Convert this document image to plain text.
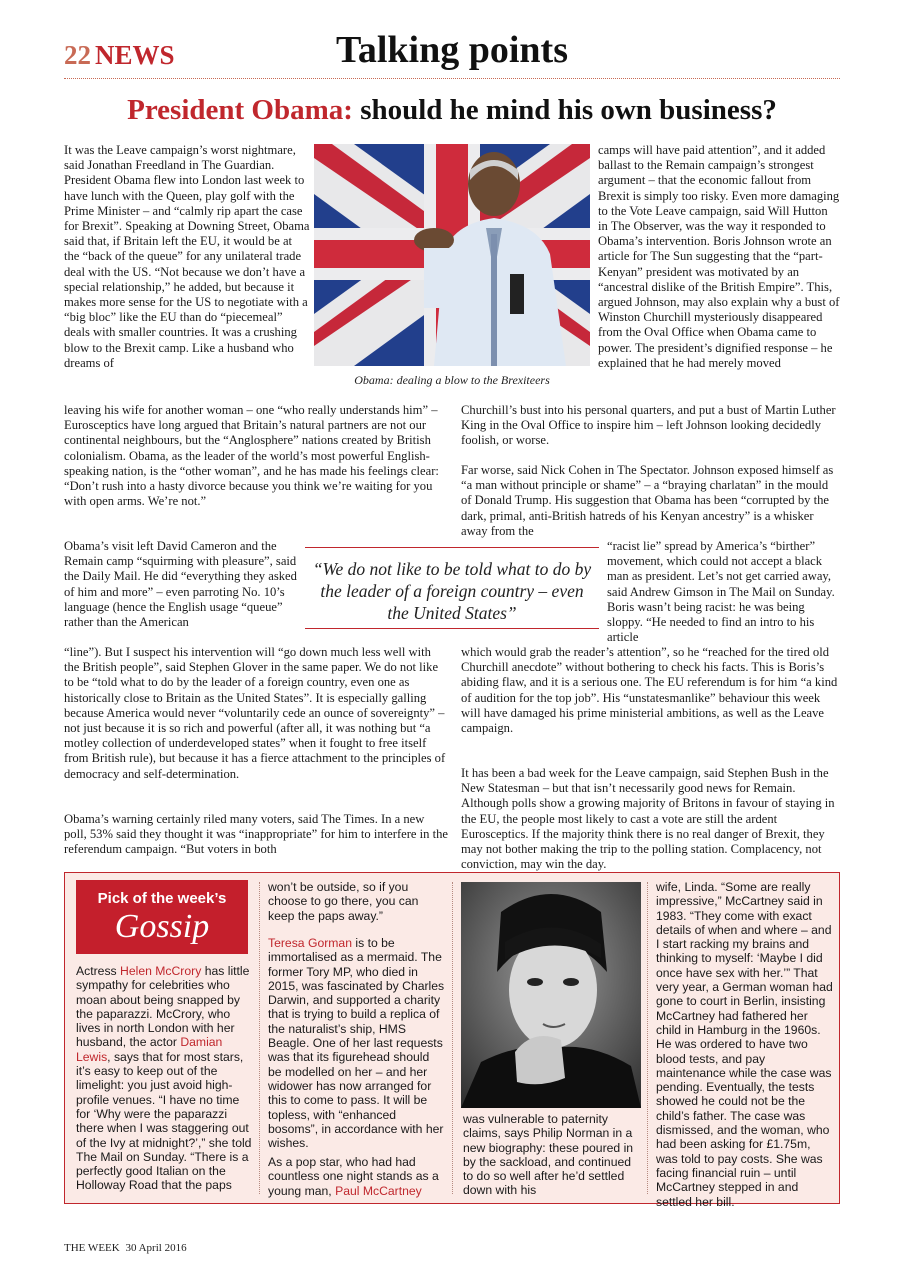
22 NEWS	Talking points
President Obama: should he mind his own business?
Obama: dealing a blow to the Brexiteers

It was the Leave campaign’s worst nightmare, said Jonathan Freedland in The Guardian. President Obama flew into London last week to have lunch with the Queen, play golf with the Prime Minister – and “calmly rip apart the case for Brexit”. Speaking at Downing Street, Obama said that, if Britain left the EU, it would be at the “back of the queue” for any unilateral trade deal with the US. “Not because we don’t have a special relationship,” he added, but because it makes more sense for the US to negotiate with a “big bloc” like the EU than do “piecemeal” deals with smaller countries. It was a crushing blow to the Brexit camp. Like a husband who dreams of

leaving his wife for another woman – one “who really understands him” – Eurosceptics have long argued that Britain’s natural partners are not our continental neighbours, but the “Anglosphere” nations created by British colonialism. Obama, as the leader of the world’s most powerful English-speaking nation, is the “other woman”, and he has made his feelings clear: “Don’t rush into a hasty divorce because you think we’re waiting for you with open arms. We’re not.”

Obama’s visit left David Cameron and the Remain camp “squirming with pleasure”, said the Daily Mail. He did “everything they asked of him and more” – even parroting No. 10’s language (hence the English usage “queue” rather than the American

“line”). But I suspect his intervention will “go down much less well with the British people”, said Stephen Glover in the same paper. We do not like to be “told what to do by the leader of a foreign country, even one as historically close to Britain as the United States”. It is especially galling because America would never “voluntarily cede an ounce of sovereignty” – not just because it is so rich and powerful (after all, it was nothing but “a motley collection of underdeveloped states” when it fought to free itself from British rule), but because it has a fierce attachment to the principles of democracy and self-determination.

Obama’s warning certainly riled many voters, said The Times. In a new poll, 53% said they thought it was “inappropriate” for him to interfere in the referendum campaign. “But voters in both

camps will have paid attention”, and it added ballast to the Remain campaign’s strongest argument – that the economic fallout from Brexit is simply too risky. Even more damaging to the Vote Leave campaign, said Will Hutton in The Observer, was the way it responded to Obama’s intervention. Boris Johnson wrote an article for The Sun suggesting that the “part-Kenyan” president was motivated by an “ancestral dislike of the British Empire”. This, argued Johnson, may also explain why a bust of Winston Churchill mysteriously disappeared from the Oval Office when Obama came to power. The president’s dignified response – he explained that he had merely moved

Churchill’s bust into his personal quarters, and put a bust of Martin Luther King in the Oval Office to inspire him – left Johnson looking decidedly foolish, or worse.

Far worse, said Nick Cohen in The Spectator. Johnson exposed himself as “a man without principle or shame” – a “braying charlatan” in the mould of Donald Trump. His suggestion that Obama has been “corrupted by the dark, primal, anti-British hatreds of his Kenyan ancestry” is a whisker away from the

“racist lie” spread by America’s “birther” movement, which could not accept a black man as president. Let’s not get carried away, said Andrew Gimson in The Mail on Sunday. Boris wasn’t being racist: he was being sloppy. “He needed to find an intro to his article

which would grab the reader’s attention”, so he “reached for the tired old Churchill anecdote” without bothering to check his facts. This is Boris’s abiding flaw, and it is a serious one. The EU referendum is for him “a kind of audition for the top job”. His “unstatesmanlike” behaviour this week will have damaged his prime ministerial ambitions, as well as the Leave campaign.

It has been a bad week for the Leave campaign, said Stephen Bush in the New Statesman – but that isn’t necessarily good news for Remain. Although polls show a growing majority of Britons in favour of staying in the EU, the people most likely to cast a vote are still the ardent Eurosceptics. If the majority think there is no real danger of Brexit, they may not bother making the trip to the polling station. Complacency, not conviction, may win the day.

“We do not like to be told what to do by the leader of a foreign country – even the United States”
Pick of the week’s
Gossip

Actress Helen McCrory has little sympathy for celebrities who moan about being snapped by the paparazzi. McCrory, who lives in north London with her husband, the actor Damian Lewis, says that for most stars, it’s easy to keep out of the limelight: you just avoid high-profile venues. “I have no time for ‘Why were the paparazzi there when I was staggering out of the Ivy at midnight?’,” she told The Mail on Sunday. “There is a perfectly good Italian on the Holloway Road that the paps

won’t be outside, so if you choose to go there, you can keep the paps away.”

Teresa Gorman is to be immortalised as a mermaid. The former Tory MP, who died in 2015, was fascinated by Charles Darwin, and supported a charity that is trying to build a replica of the naturalist’s ship, HMS Beagle. One of her last requests was that its figurehead should be modelled on her – and her widower has now arranged for this to come to pass. It will be topless, with “enhanced bosoms”, in accordance with her wishes.

As a pop star, who had had countless one night stands as a young man, Paul McCartney

was vulnerable to paternity claims, says Philip Norman in a new biography: these poured in by the sackload, and continued to do so well after he’d settled down with his

wife, Linda. “Some are really impressive,” McCartney said in 1983. “They come with exact details of when and where – and I start racking my brains and thinking to myself: ‘Maybe I did once have sex with her.’” That very year, a German woman had gone to court in Berlin, insisting McCartney had fathered her child in Hamburg in the 1960s. He was ordered to have two blood tests, and pay maintenance while the case was pending. Eventually, the tests showed he could not be the child’s father. The case was dismissed, and the woman, who had been asking for £1.75m, was told to pay costs. She was facing financial ruin – until McCartney stepped in and settled her bill.

THE WEEK 30 April 2016
